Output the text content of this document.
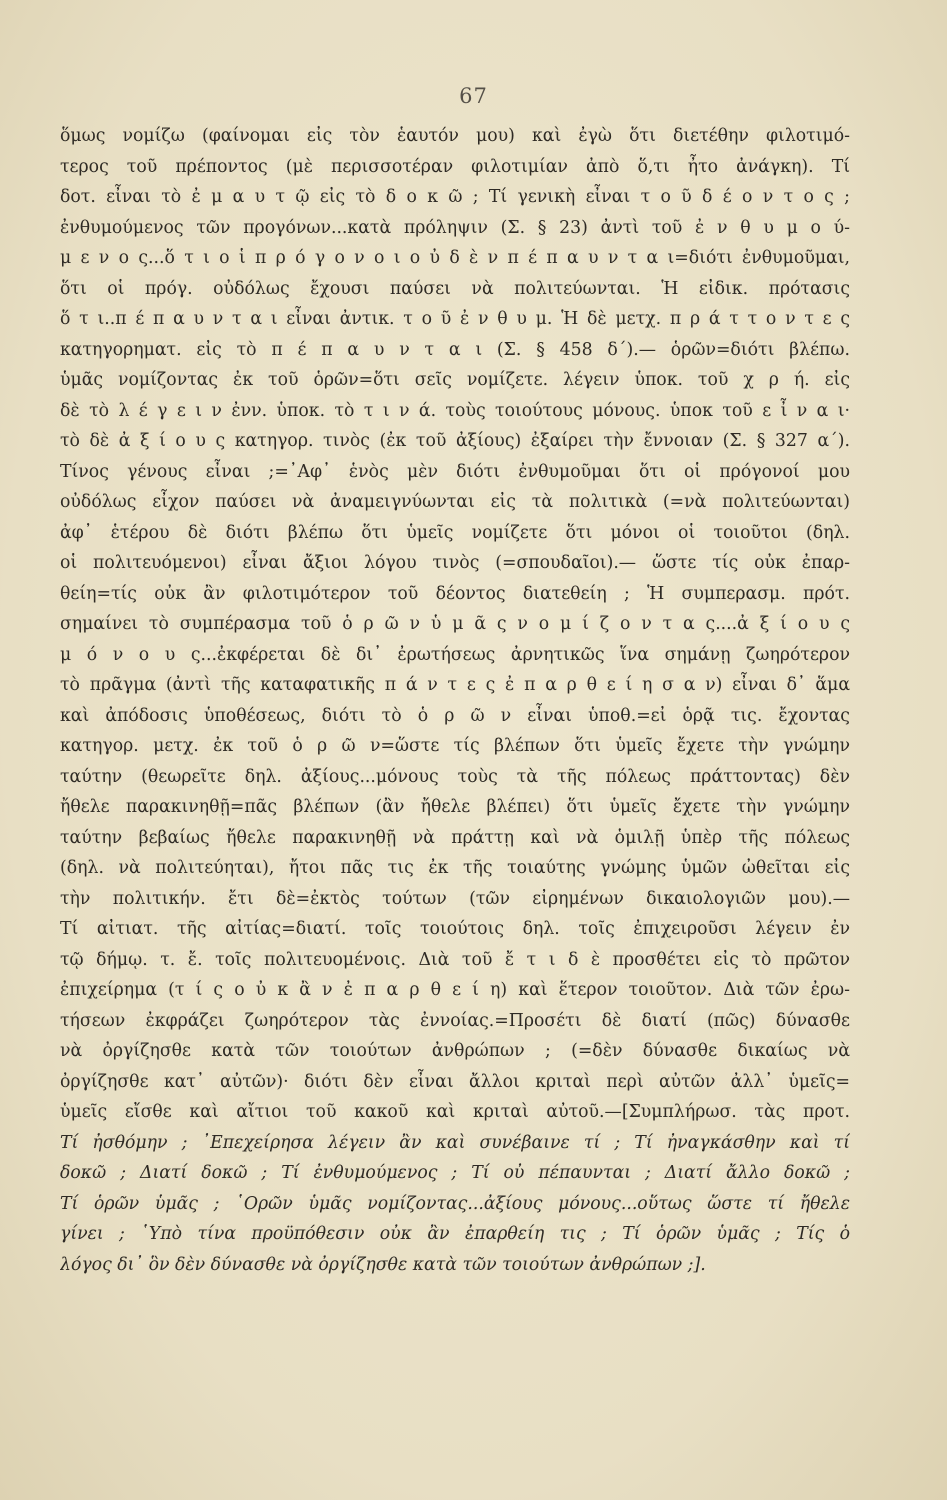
67
ὅμως νομίζω (φαίνομαι εἰς τὸν ἑαυτόν μου) καὶ ἐγὼ ὅτι διετέθην φιλοτιμό-
τερος τοῦ πρέποντος (μὲ περισσοτέραν φιλοτιμίαν ἀπὸ ὅ,τι ἦτο ἀνάγκη). Τί
δοτ. εἶναι τὸ ἐ μ α υ τ ῷ εἰς τὸ δ ο κ ῶ ; Τί γενικὴ εἶναι τ ο ῦ δ έ ο ν τ ο ς ;
ἐνθυμούμενος τῶν προγόνων...κατὰ πρόληψιν (Σ. § 23) ἀντὶ τοῦ ἐ ν θ υ μ ο ύ-
μ ε ν ο ς...ὅ τ ι ο ἱ π ρ ό γ ο ν ο ι ο ὐ δ ὲ ν π έ π α υ ν τ α ι=διότι ἐνθυμοῦμαι,
ὅτι οἱ πρόγ. οὐδόλως ἔχουσι παύσει νὰ πολιτεύωνται. Ἡ εἰδικ. πρότασις
ὅ τ ι..π έ π α υ ν τ α ι εἶναι ἀντικ. τ ο ῦ ἐ ν θ υ μ. Ἡ δὲ μετχ. π ρ ά τ τ ο ν τ ε ς
κατηγορηματ. εἰς τὸ π έ π α υ ν τ α ι (Σ. § 458 δ΄).— ὁρῶν=διότι βλέπω.
ὑμᾶς νομίζοντας ἐκ τοῦ ὁρῶν=ὅτι σεῖς νομίζετε. λέγειν ὑποκ. τοῦ χ ρ ή. εἰς
δὲ τὸ λ έ γ ε ι ν ἐνν. ὑποκ. τὸ τ ι ν ά. τοὺς τοιούτους μόνους. ὑποκ τοῦ ε ἶ ν α ι·
τὸ δὲ ἀ ξ ί ο υ ς κατηγορ. τινὸς (ἐκ τοῦ ἀξίους) ἐξαίρει τὴν ἔννοιαν (Σ. § 327 α΄).
Τίνος γένους εἶναι ;=᾽Αφ᾽ ἑνὸς μὲν διότι ἐνθυμοῦμαι ὅτι οἱ πρόγονοί μου
οὐδόλως εἶχον παύσει νὰ ἀναμειγνύωνται εἰς τὰ πολιτικὰ (=νὰ πολιτεύωνται)
ἀφ᾽ ἑτέρου δὲ διότι βλέπω ὅτι ὑμεῖς νομίζετε ὅτι μόνοι οἱ τοιοῦτοι (δηλ.
οἱ πολιτευόμενοι) εἶναι ἄξιοι λόγου τινὸς (=σπουδαῖοι).— ὥστε τίς οὐκ ἐπαρ-
θείη=τίς οὐκ ἂν φιλοτιμότερον τοῦ δέοντος διατεθείη ; Ἡ συμπερασμ. πρότ.
σημαίνει τὸ συμπέρασμα τοῦ ὁ ρ ῶ ν ὑ μ ᾶ ς ν ο μ ί ζ ο ν τ α ς....ἀ ξ ί ο υ ς
μ ό ν ο υ ς...ἐκφέρεται δὲ δι᾽ ἐρωτήσεως ἀρνητικῶς ἵνα σημάνῃ ζωηρότερον
τὸ πρᾶγμα (ἀντὶ τῆς καταφατικῆς π ά ν τ ε ς ἐ π α ρ θ ε ί η σ α ν) εἶναι δ᾽ ἅμα
καὶ ἀπόδοσις ὑποθέσεως, διότι τὸ ὁ ρ ῶ ν εἶναι ὑποθ.=εἰ ὁρᾷ τις. ἔχοντας
κατηγορ. μετχ. ἐκ τοῦ ὁ ρ ῶ ν=ὥστε τίς βλέπων ὅτι ὑμεῖς ἔχετε τὴν γνώμην
ταύτην (θεωρεῖτε δηλ. ἀξίους...μόνους τοὺς τὰ τῆς πόλεως πράττοντας) δὲν
ἤθελε παρακινηθῇ=πᾶς βλέπων (ἂν ἤθελε βλέπει) ὅτι ὑμεῖς ἔχετε τὴν γνώμην
ταύτην βεβαίως ἤθελε παρακινηθῇ νὰ πράττῃ καὶ νὰ ὁμιλῇ ὑπὲρ τῆς πόλεως
(δηλ. νὰ πολιτεύηται), ἤτοι πᾶς τις ἐκ τῆς τοιαύτης γνώμης ὑμῶν ὠθεῖται εἰς
τὴν πολιτικήν. ἔτι δὲ=ἐκτὸς τούτων (τῶν εἰρημένων δικαιολογιῶν μου).—
Τί αἰτιατ. τῆς αἰτίας=διατί. τοῖς τοιούτοις δηλ. τοῖς ἐπιχειροῦσι λέγειν ἐν
τῷ δήμῳ. τ. ἔ. τοῖς πολιτευομένοις. Διὰ τοῦ ἔ τ ι δ ὲ προσθέτει εἰς τὸ πρῶτον
ἐπιχείρημα (τ ί ς ο ὐ κ ἂ ν ἐ π α ρ θ ε ί η) καὶ ἕτερον τοιοῦτον. Διὰ τῶν ἐρω-
τήσεων ἐκφράζει ζωηρότερον τὰς ἐννοίας.=Προσέτι δὲ διατί (πῶς) δύνασθε
νὰ ὀργίζησθε κατὰ τῶν τοιούτων ἀνθρώπων ; (=δὲν δύνασθε δικαίως νὰ
ὀργίζησθε κατ᾽ αὐτῶν)· διότι δὲν εἶναι ἄλλοι κριταὶ περὶ αὐτῶν ἀλλ᾽ ὑμεῖς=
ὑμεῖς εἴσθε καὶ αἴτιοι τοῦ κακοῦ καὶ κριταὶ αὐτοῦ.—[Συμπλήρωσ. τὰς προτ.
Τί ἠσθόμην ; ᾽Επεχείρησα λέγειν ἂν καὶ συνέβαινε τί ; Τί ἠναγκάσθην καὶ τί
δοκῶ ; Διατί δοκῶ ; Τί ἐνθυμούμενος ; Τί οὐ πέπαυνται ; Διατί ἄλλο δοκῶ ;
Τί ὁρῶν ὑμᾶς ; ῾Ορῶν ὑμᾶς νομίζοντας...ἀξίους μόνους...οὕτως ὥστε τί ἤθελε
γίνει ; ῾Υπὸ τίνα προϋπόθεσιν οὐκ ἂν ἐπαρθείη τις ; Τί ὁρῶν ὑμᾶς ; Τίς ὁ
λόγος δι᾽ ὃν δὲν δύνασθε νὰ ὀργίζησθε κατὰ τῶν τοιούτων ἀνθρώπων ;].
